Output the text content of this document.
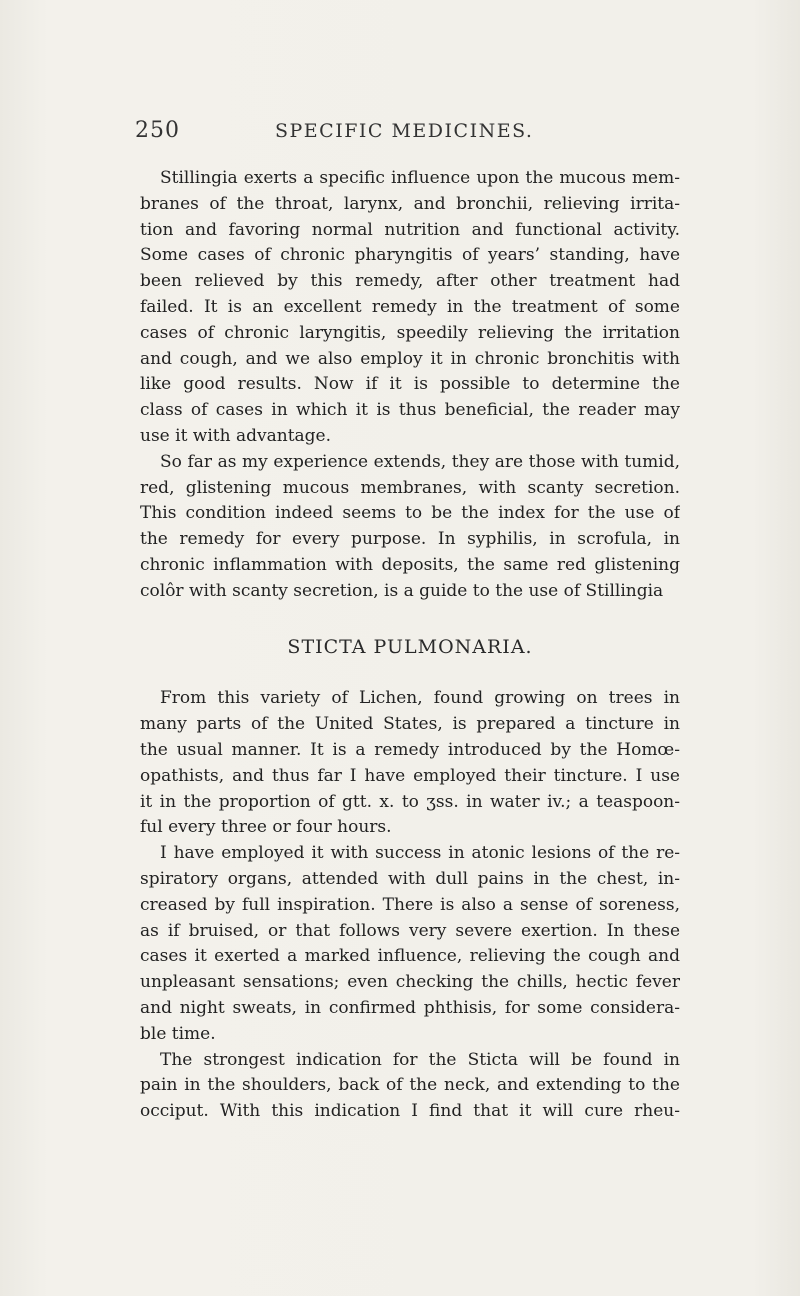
250	SPECIFIC MEDICINES.
Stillingia exerts a specific influence upon the mucous mem-
branes of the throat, larynx, and bronchii, relieving irrita-
tion and favoring normal nutrition and functional activity.
Some cases of chronic pharyngitis of years’ standing, have
been relieved by this remedy, after other treatment had
failed. It is an excellent remedy in the treatment of some
cases of chronic laryngitis, speedily relieving the irritation
and cough, and we also employ it in chronic bronchitis with
like good results. Now if it is possible to determine the
class of cases in which it is thus beneficial, the reader may
use it with advantage.
So far as my experience extends, they are those with tumid,
red, glistening mucous membranes, with scanty secretion.
This condition indeed seems to be the index for the use of
the remedy for every purpose. In syphilis, in scrofula, in
chronic inflammation with deposits, the same red glistening
colôr with scanty secretion, is a guide to the use of Stillingia
STICTA PULMONARIA.
From this variety of Lichen, found growing on trees in
many parts of the United States, is prepared a tincture in
the usual manner. It is a remedy introduced by the Homœ-
opathists, and thus far I have employed their tincture. I use
it in the proportion of gtt. x. to ʒss. in water iv.; a teaspoon-
ful every three or four hours.
I have employed it with success in atonic lesions of the re-
spiratory organs, attended with dull pains in the chest, in-
creased by full inspiration. There is also a sense of soreness,
as if bruised, or that follows very severe exertion. In these
cases it exerted a marked influence, relieving the cough and
unpleasant sensations; even checking the chills, hectic fever
and night sweats, in confirmed phthisis, for some considera-
ble time.
The strongest indication for the Sticta will be found in
pain in the shoulders, back of the neck, and extending to the
occiput. With this indication I find that it will cure rheu-
